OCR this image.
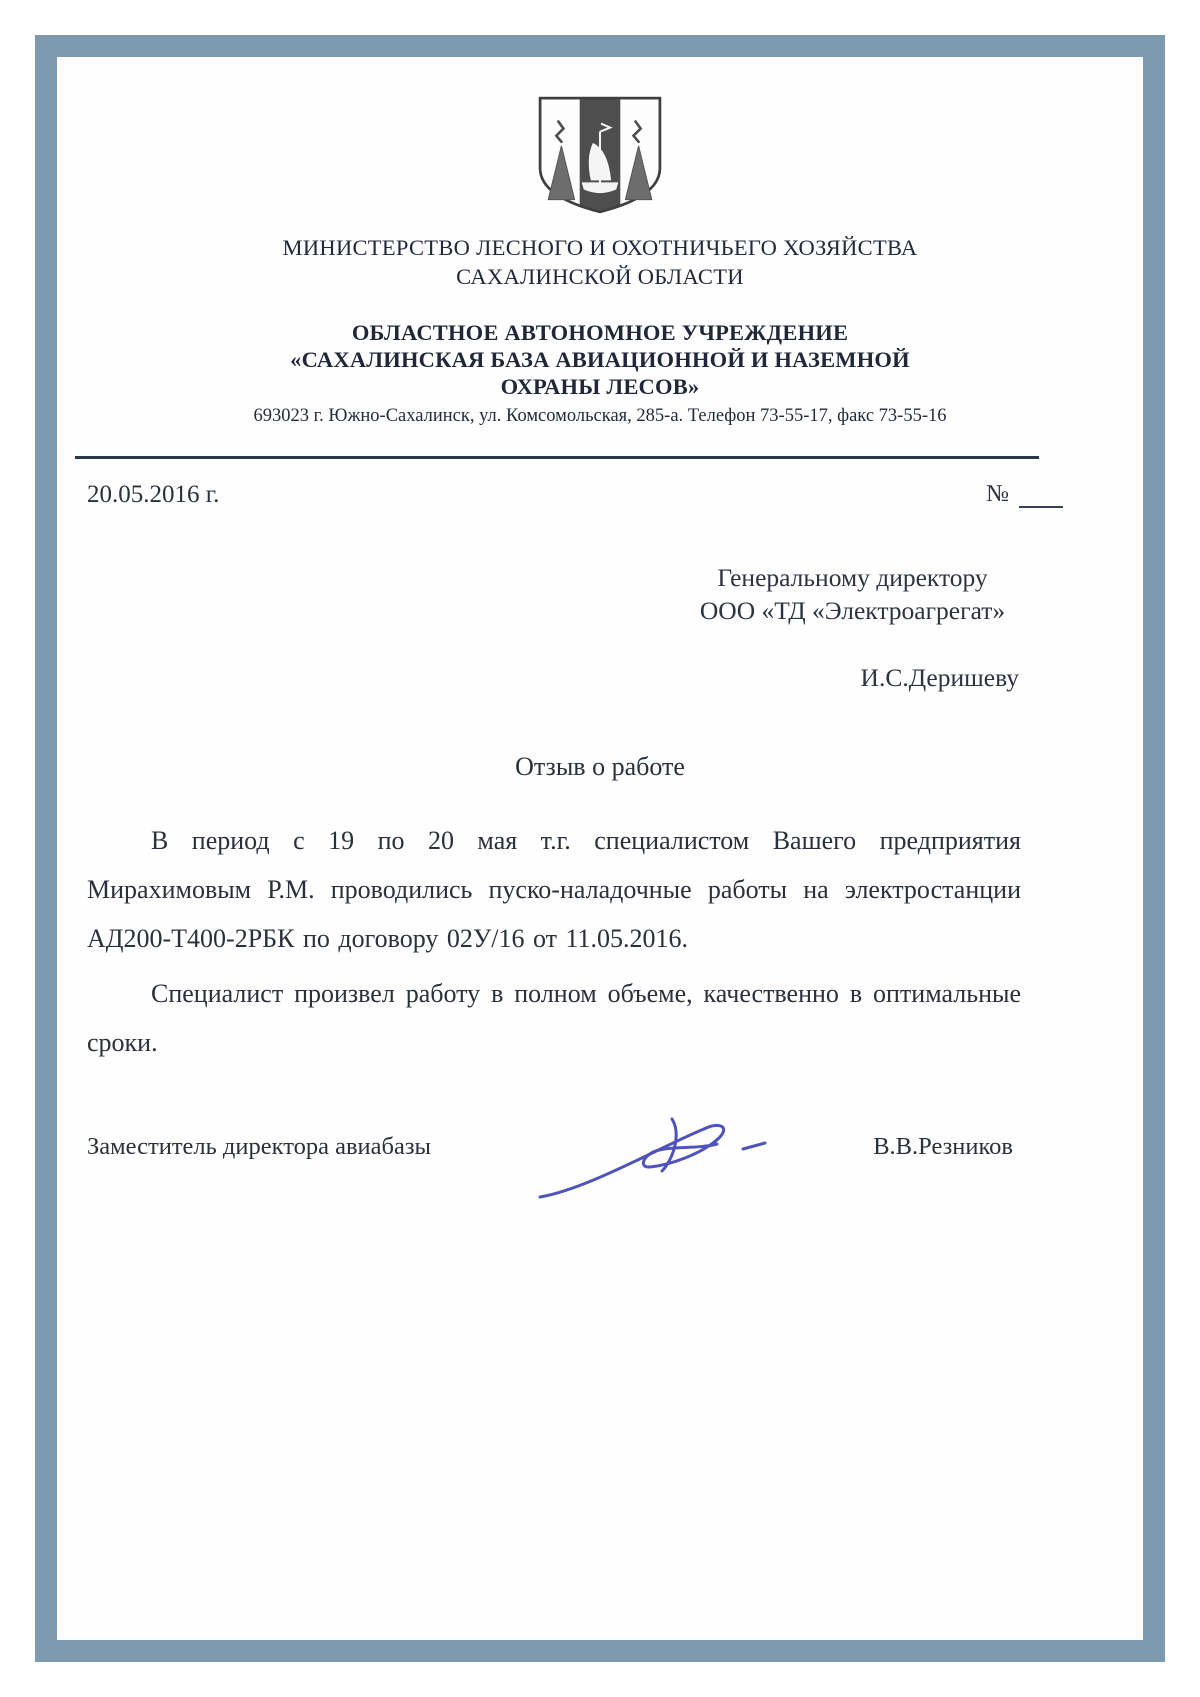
МИНИСТЕРСТВО ЛЕСНОГО И ОХОТНИЧЬЕГО ХОЗЯЙСТВА
САХАЛИНСКОЙ ОБЛАСТИ
ОБЛАСТНОЕ АВТОНОМНОЕ УЧРЕЖДЕНИЕ
«САХАЛИНСКАЯ БАЗА АВИАЦИОННОЙ И НАЗЕМНОЙ
ОХРАНЫ ЛЕСОВ»
693023 г. Южно-Сахалинск, ул. Комсомольская, 285-а. Телефон 73-55-17, факс 73-55-16
20.05.2016 г.	№
Генеральному директору
ООО «ТД «Электроагрегат»
И.С.Деришеву
Отзыв о работе

В период с 19 по 20 мая т.г. специалистом Вашего предприятия Мирахимовым Р.М. проводились пуско-наладочные работы на электростанции АД200-Т400-2РБК по договору 02У/16 от 11.05.2016.

Специалист произвел работу в полном объеме, качественно в оптимальные сроки.

Заместитель директора авиабазы	В.В.Резников
